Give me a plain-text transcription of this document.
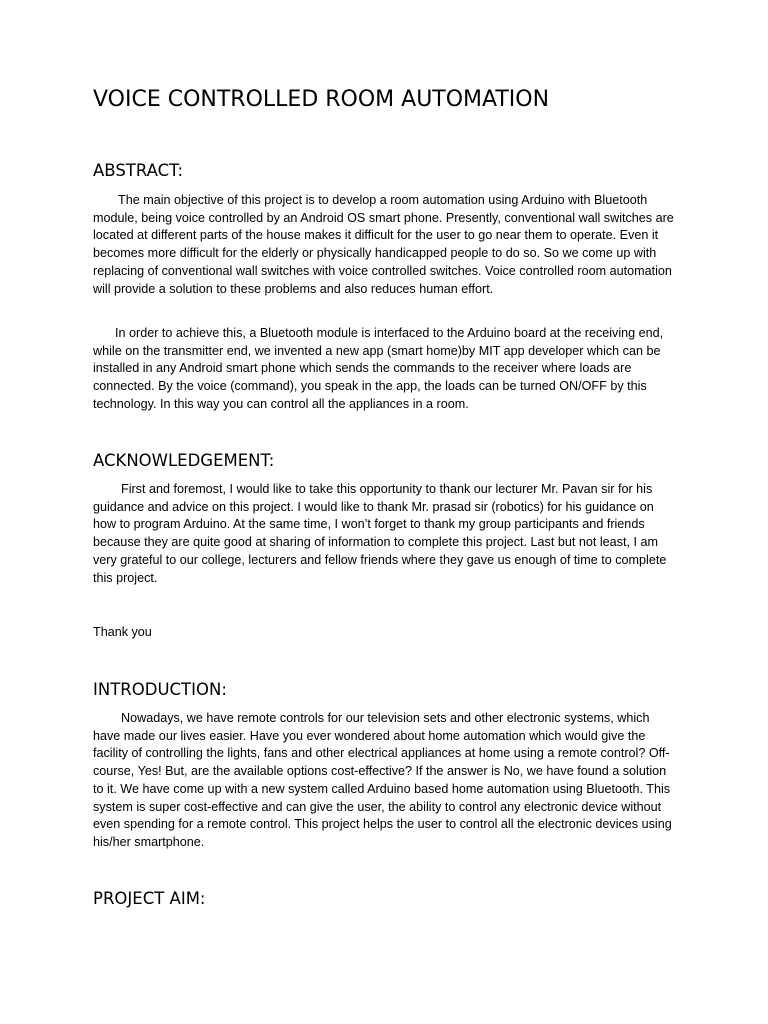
VOICE CONTROLLED ROOM AUTOMATION
ABSTRACT:

The main objective of this project is to develop a room automation using Arduino with Bluetooth module, being voice controlled by an Android OS smart phone. Presently, conventional wall switches are located at different parts of the house makes it difficult for the user to go near them to operate. Even it becomes more difficult for the elderly or physically handicapped people to do so. So we come up with replacing of conventional wall switches with voice controlled switches. Voice controlled room automation will provide a solution to these problems and also reduces human effort.

In order to achieve this, a Bluetooth module is interfaced to the Arduino board at the receiving end, while on the transmitter end, we invented a new app (smart home)by MIT app developer which can be installed in any Android smart phone which sends the commands to the receiver where loads are connected. By the voice (command), you speak in the app, the loads can be turned ON/OFF by this technology. In this way you can control all the appliances in a room.

ACKNOWLEDGEMENT:

First and foremost, I would like to take this opportunity to thank our lecturer Mr. Pavan sir for his guidance and advice on this project. I would like to thank Mr. prasad sir (robotics) for his guidance on how to program Arduino. At the same time, I won’t forget to thank my group participants and friends because they are quite good at sharing of information to complete this project. Last but not least, I am very grateful to our college, lecturers and fellow friends where they gave us enough of time to complete this project.

Thank you

INTRODUCTION:

Nowadays, we have remote controls for our television sets and other electronic systems, which have made our lives easier. Have you ever wondered about home automation which would give the facility of controlling the lights, fans and other electrical appliances at home using a remote control? Off-course, Yes! But, are the available options cost-effective? If the answer is No, we have found a solution to it. We have come up with a new system called Arduino based home automation using Bluetooth. This system is super cost-effective and can give the user, the ability to control any electronic device without even spending for a remote control. This project helps the user to control all the electronic devices using his/her smartphone.

PROJECT AIM:
